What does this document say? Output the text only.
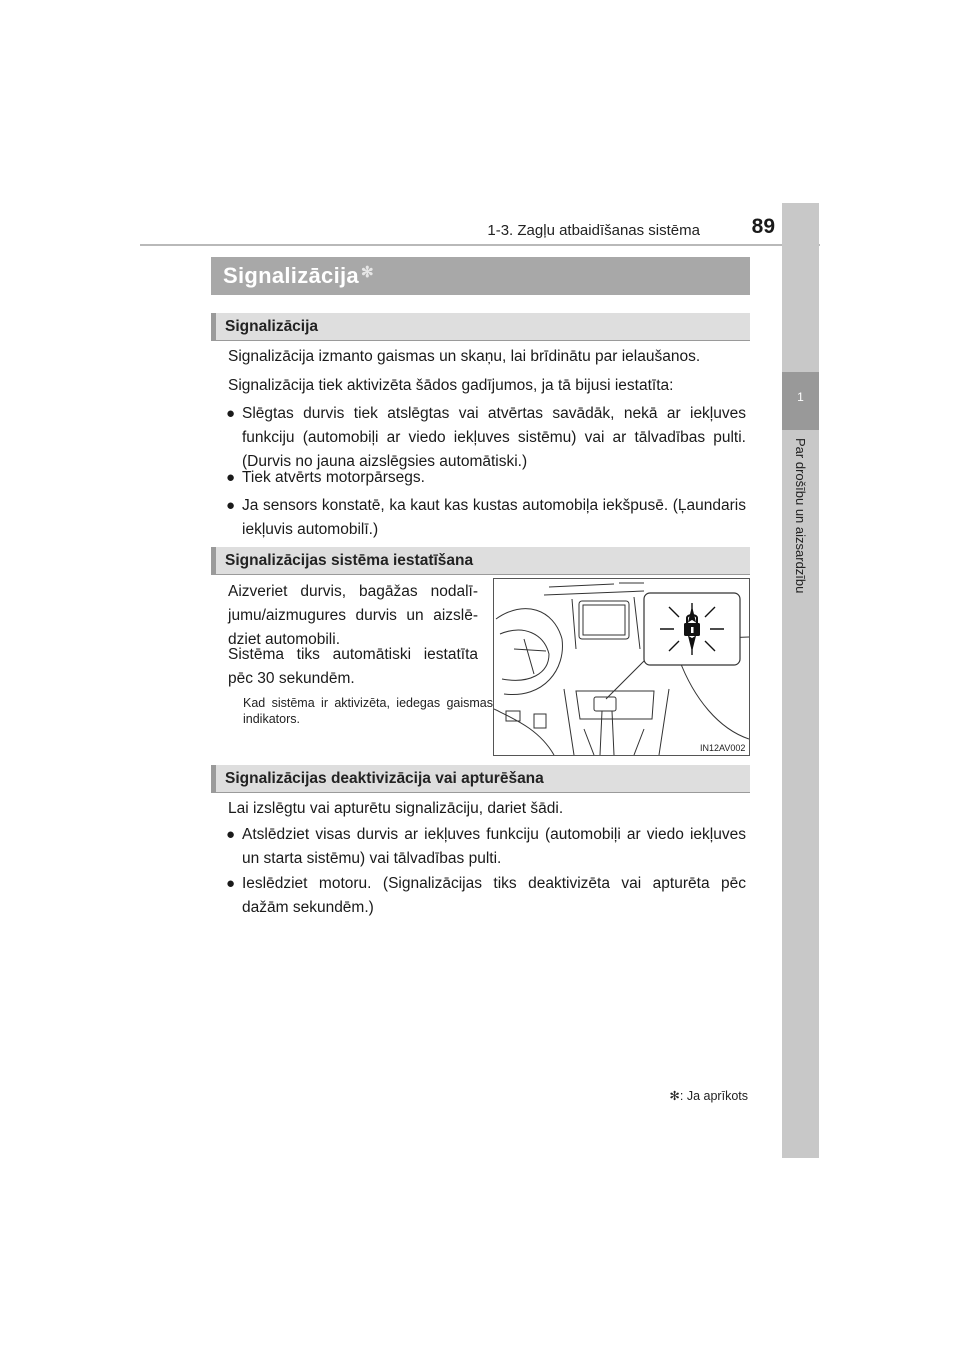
1-3. Zagļu atbaidīšanas sistēma	89
1
Par drošību un aizsardzību
Signalizācija ✻
Signalizācija
Signalizācija izmanto gaismas un skaņu, lai brīdinātu par ielaušanos.
Signalizācija tiek aktivizēta šādos gadījumos, ja tā bijusi iestatīta:
● Slēgtas durvis tiek atslēgtas vai atvērtas savādāk, nekā ar iekļuves funkciju (automobiļi ar viedo iekļuves sistēmu) vai ar tālvadības pulti. (Durvis no jauna aizslēgsies automātiski.)
● Tiek atvērts motorpārsegs.
● Ja sensors konstatē, ka kaut kas kustas automobiļa iekšpusē. (Ļaundaris iekļuvis automobilī.)
Signalizācijas sistēma iestatīšana
Aizveriet durvis, bagāžas nodalī-jumu/aizmugures durvis un aizslē-dziet automobili.
Sistēma tiks automātiski iestatīta pēc 30 sekundēm.
Kad sistēma ir aktivizēta, iedegas gaismas indikators.
IN12AV002
Signalizācijas deaktivizācija vai apturēšana
Lai izslēgtu vai apturētu signalizāciju, dariet šādi.
● Atslēdziet visas durvis ar iekļuves funkciju (automobiļi ar viedo iekļuves un starta sistēmu) vai tālvadības pulti.
● Ieslēdziet motoru. (Signalizācijas tiks deaktivizēta vai apturēta pēc dažām sekundēm.)
✻: Ja aprīkots
